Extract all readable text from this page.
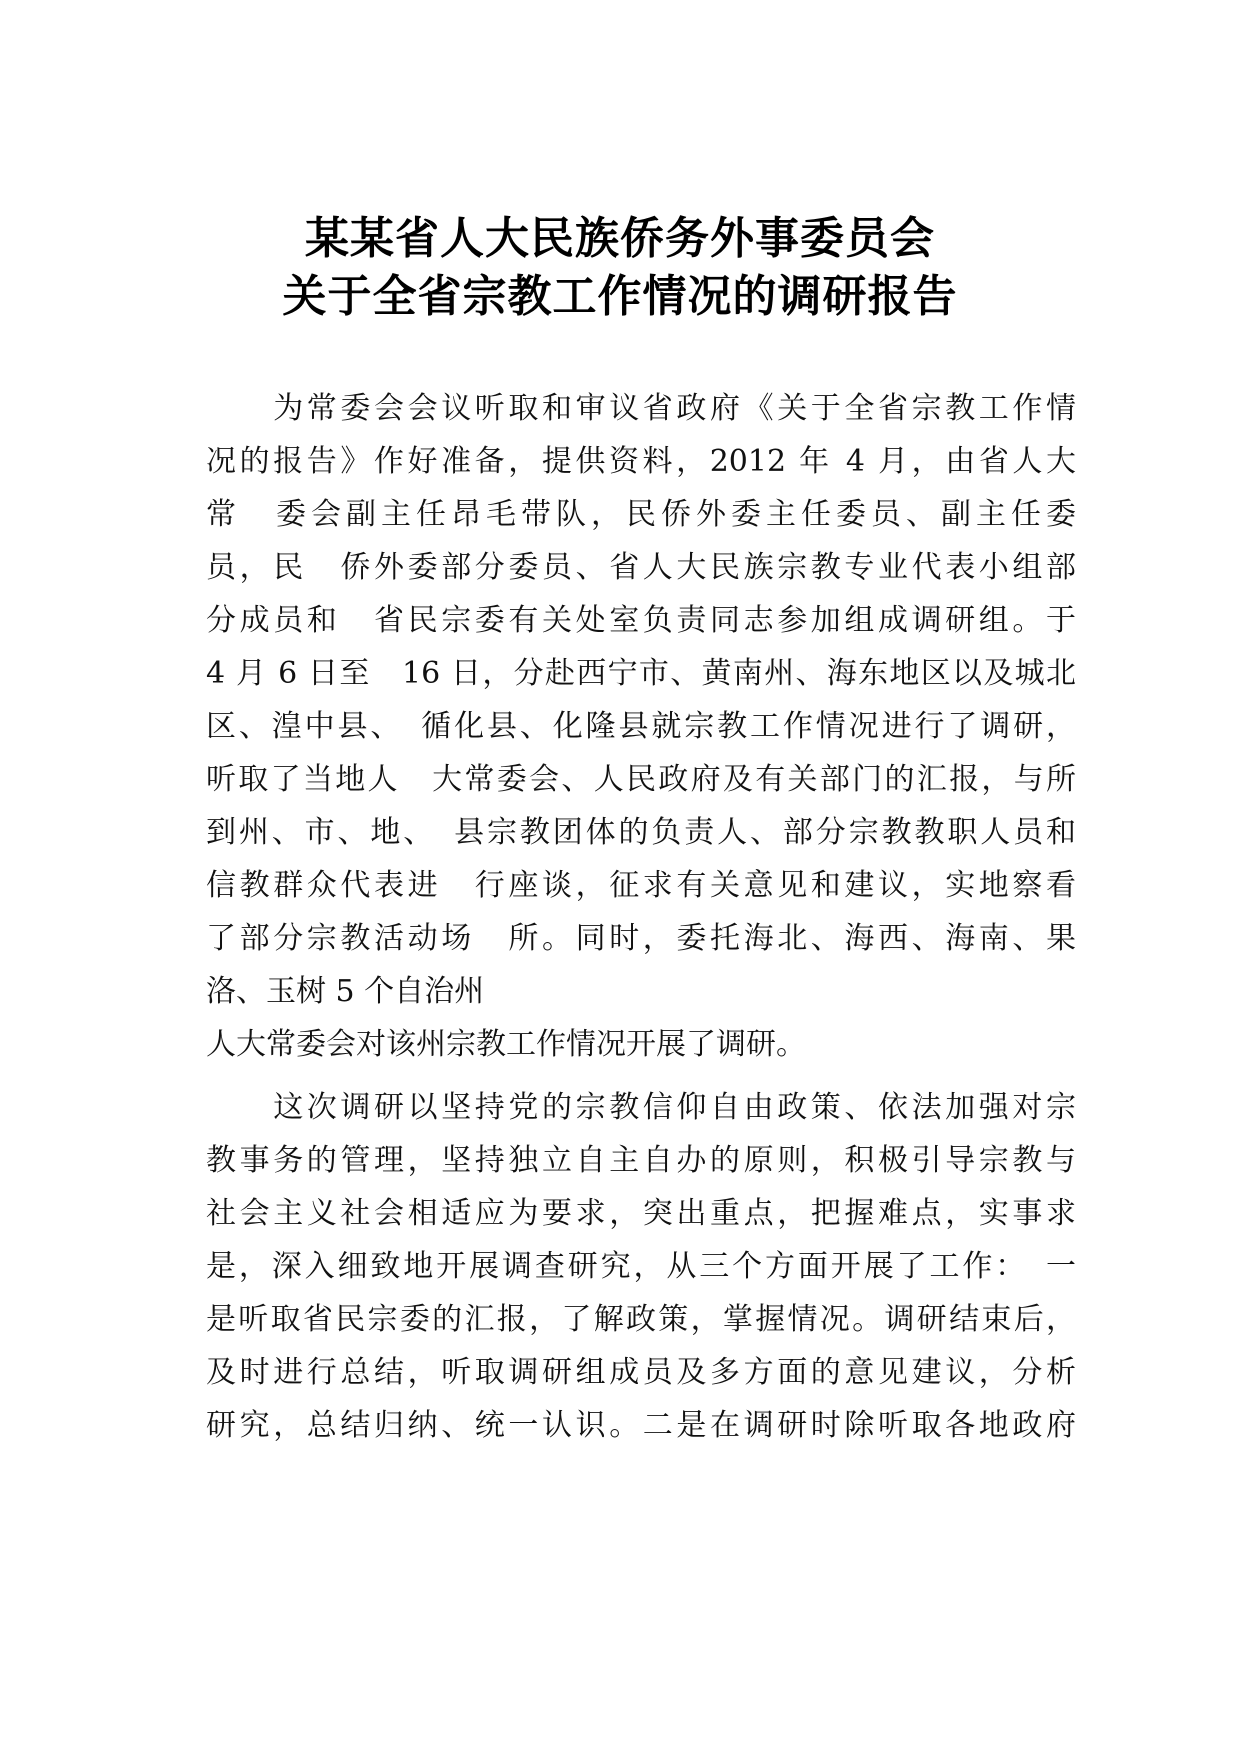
某某省人大民族侨务外事委员会
关于全省宗教工作情况的调研报告
　　为常委会会议听取和审议省政府《关于全省宗教工作情
况的报告》作好准备，提供资料，2012 年 4 月，由省人大
常　委会副主任昂毛带队，民侨外委主任委员、副主任委
员，民　侨外委部分委员、省人大民族宗教专业代表小组部
分成员和　省民宗委有关处室负责同志参加组成调研组。于
4 月 6 日至　16 日，分赴西宁市、黄南州、海东地区以及城北
区、湟中县、　循化县、化隆县就宗教工作情况进行了调研，
听取了当地人　大常委会、人民政府及有关部门的汇报，与所
到州、市、地、　县宗教团体的负责人、部分宗教教职人员和
信教群众代表进　行座谈，征求有关意见和建议，实地察看
了部分宗教活动场　所。同时，委托海北、海西、海南、果
洛、玉树 5 个自治州
人大常委会对该州宗教工作情况开展了调研。
　　这次调研以坚持党的宗教信仰自由政策、依法加强对宗
教事务的管理，坚持独立自主自办的原则，积极引导宗教与
社会主义社会相适应为要求，突出重点，把握难点，实事求
是，深入细致地开展调查研究，从三个方面开展了工作：　一
是听取省民宗委的汇报，了解政策，掌握情况。调研结束后，
及时进行总结，听取调研组成员及多方面的意见建议，分析
研究，总结归纳、统一认识。二是在调研时除听取各地政府
